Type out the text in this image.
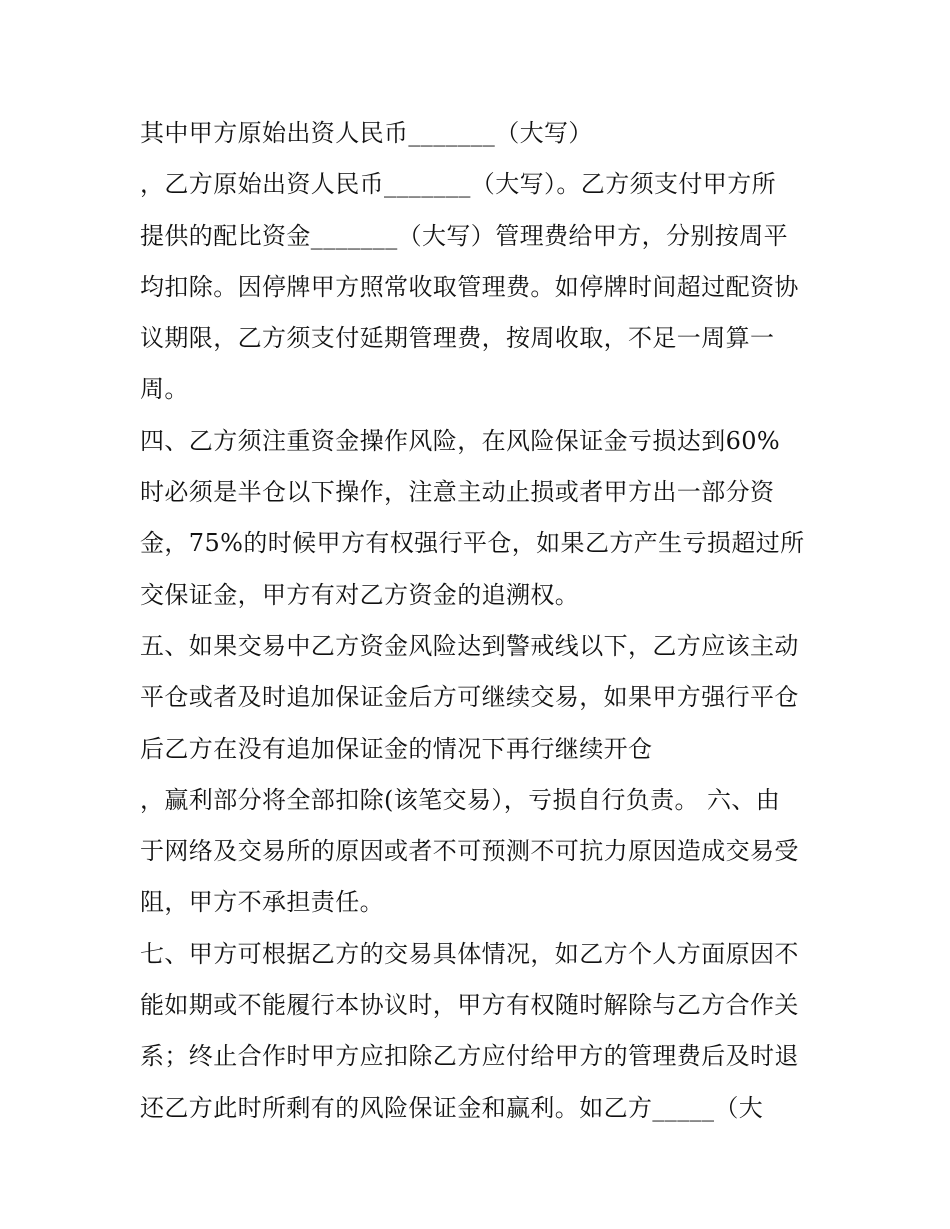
其中甲方原始出资人民币_______（大写）
，乙方原始出资人民币_______（大写）。乙方须支付甲方所
提供的配比资金_______（大写）管理费给甲方，分别按周平
均扣除。因停牌甲方照常收取管理费。如停牌时间超过配资协
议期限，乙方须支付延期管理费，按周收取，不足一周算一
周。
四、乙方须注重资金操作风险，在风险保证金亏损达到60%
时必须是半仓以下操作，注意主动止损或者甲方出一部分资
金，75%的时候甲方有权强行平仓，如果乙方产生亏损超过所
交保证金，甲方有对乙方资金的追溯权。
五、如果交易中乙方资金风险达到警戒线以下，乙方应该主动
平仓或者及时追加保证金后方可继续交易，如果甲方强行平仓
后乙方在没有追加保证金的情况下再行继续开仓
，赢利部分将全部扣除(该笔交易），亏损自行负责。 六、由
于网络及交易所的原因或者不可预测不可抗力原因造成交易受
阻，甲方不承担责任。
七、甲方可根据乙方的交易具体情况，如乙方个人方面原因不
能如期或不能履行本协议时，甲方有权随时解除与乙方合作关
系；终止合作时甲方应扣除乙方应付给甲方的管理费后及时退
还乙方此时所剩有的风险保证金和赢利。如乙方_____（大
